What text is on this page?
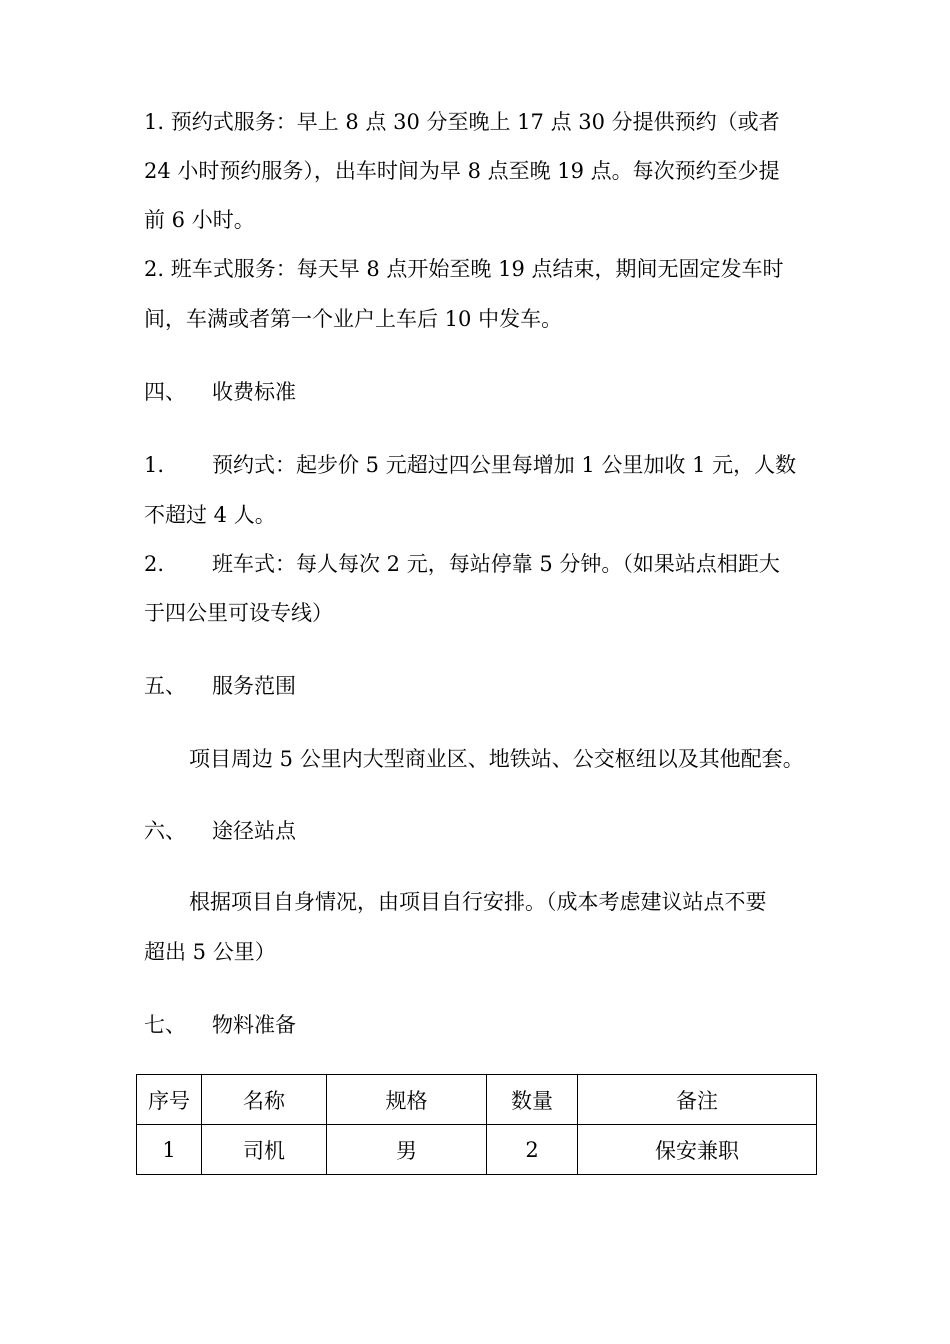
1. 预约式服务：早上 8 点 30 分至晚上 17 点 30 分提供预约（或者
24 小时预约服务），出车时间为早 8 点至晚 19 点。每次预约至少提
前 6 小时。
2. 班车式服务：每天早 8 点开始至晚 19 点结束，期间无固定发车时
间，车满或者第一个业户上车后 10 中发车。
四、 收费标准
1. 预约式：起步价 5 元超过四公里每增加 1 公里加收 1 元，人数
不超过 4 人。
2. 班车式：每人每次 2 元，每站停靠 5 分钟。（如果站点相距大
于四公里可设专线）
五、 服务范围
项目周边 5 公里内大型商业区、地铁站、公交枢纽以及其他配套。
六、 途径站点
根据项目自身情况，由项目自行安排。（成本考虑建议站点不要
超出 5 公里）
七、 物料准备
序号	名称	规格	数量	备注
1	司机	男	2	保安兼职
